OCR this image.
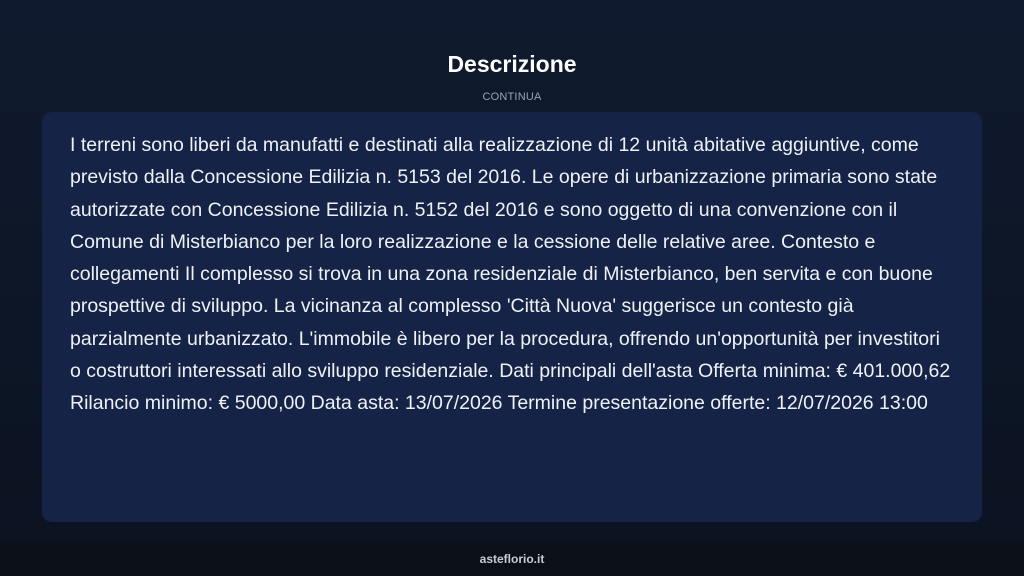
Descrizione
CONTINUA

I terreni sono liberi da manufatti e destinati alla realizzazione di 12 unità abitative aggiuntive, come previsto dalla Concessione Edilizia n. 5153 del 2016. Le opere di urbanizzazione primaria sono state autorizzate con Concessione Edilizia n. 5152 del 2016 e sono oggetto di una convenzione con il Comune di Misterbianco per la loro realizzazione e la cessione delle relative aree. Contesto e collegamenti Il complesso si trova in una zona residenziale di Misterbianco, ben servita e con buone prospettive di sviluppo. La vicinanza al complesso 'Città Nuova' suggerisce un contesto già parzialmente urbanizzato. L'immobile è libero per la procedura, offrendo un'opportunità per investitori o costruttori interessati allo sviluppo residenziale. Dati principali dell'asta Offerta minima: € 401.000,62 Rilancio minimo: € 5000,00 Data asta: 13/07/2026 Termine presentazione offerte: 12/07/2026 13:00

asteflorio.it
